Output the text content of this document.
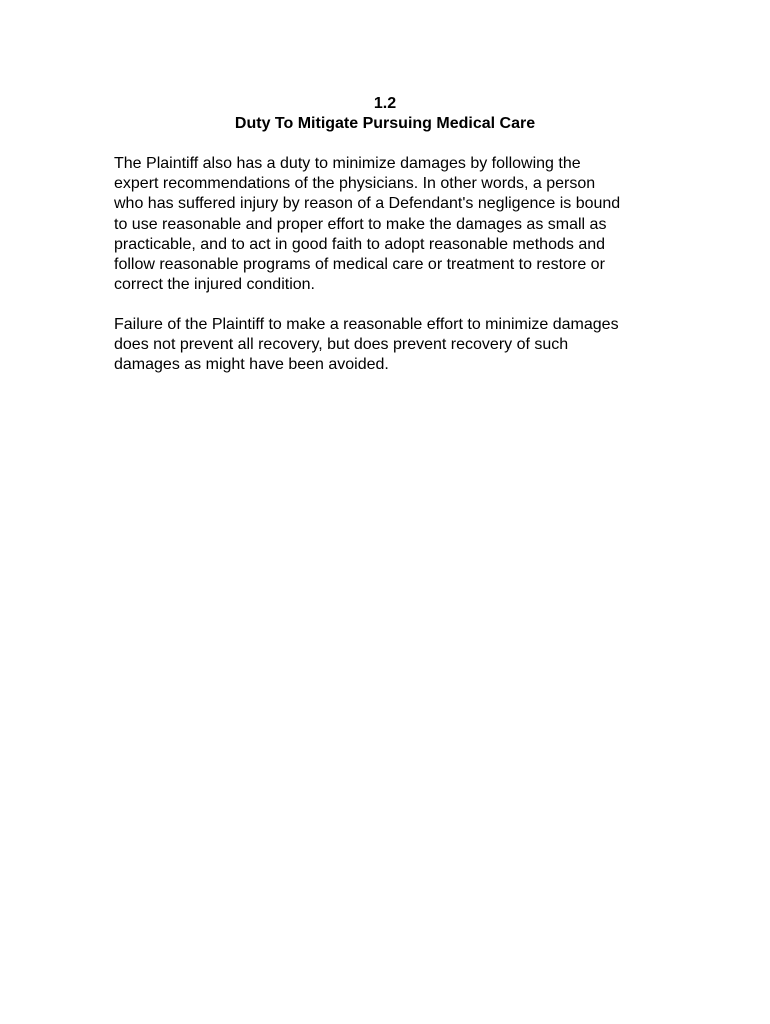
1.2
Duty To Mitigate Pursuing Medical Care

The Plaintiff also has a duty to minimize damages by following the
expert recommendations of the physicians. In other words, a person
who has suffered injury by reason of a Defendant's negligence is bound
to use reasonable and proper effort to make the damages as small as
practicable, and to act in good faith to adopt reasonable methods and
follow reasonable programs of medical care or treatment to restore or
correct the injured condition.

Failure of the Plaintiff to make a reasonable effort to minimize damages
does not prevent all recovery, but does prevent recovery of such
damages as might have been avoided.
